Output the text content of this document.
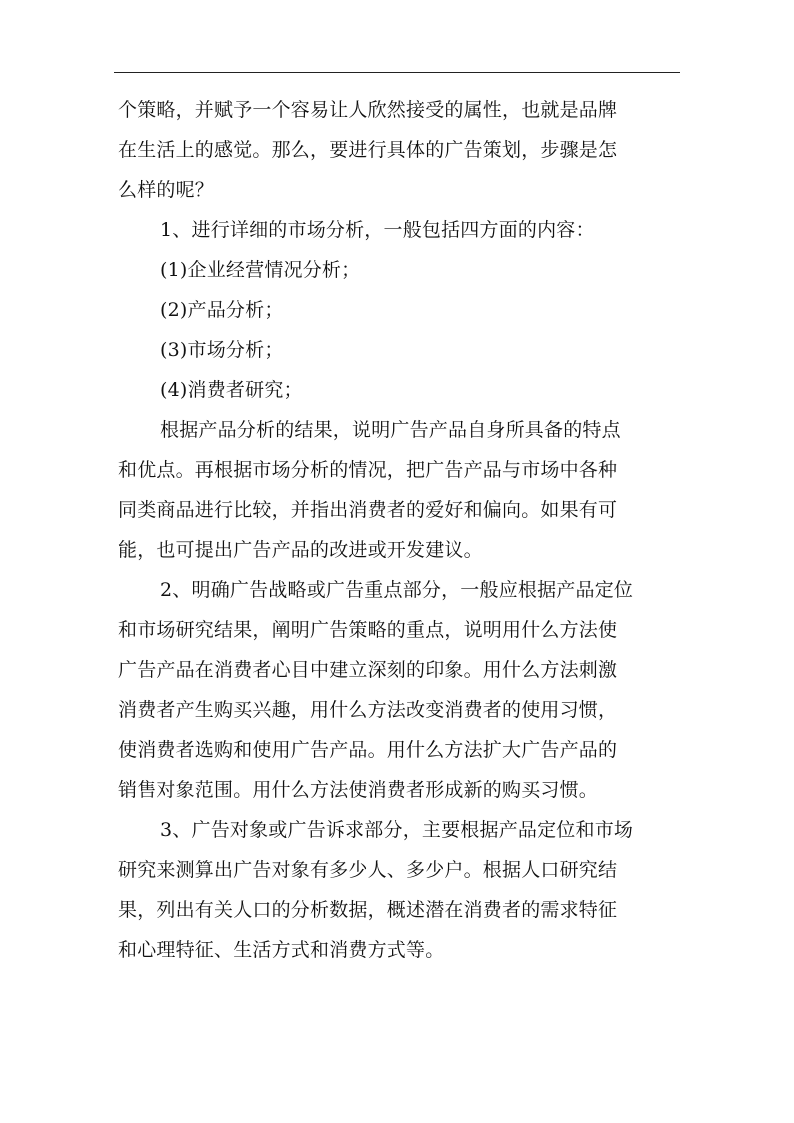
个策略，并赋予一个容易让人欣然接受的属性，也就是品牌
在生活上的感觉。那么，要进行具体的广告策划，步骤是怎
么样的呢？
1、进行详细的市场分析，一般包括四方面的内容：
(1)企业经营情况分析；
(2)产品分析；
(3)市场分析；
(4)消费者研究；
根据产品分析的结果，说明广告产品自身所具备的特点
和优点。再根据市场分析的情况，把广告产品与市场中各种
同类商品进行比较，并指出消费者的爱好和偏向。如果有可
能，也可提出广告产品的改进或开发建议。
2、明确广告战略或广告重点部分，一般应根据产品定位
和市场研究结果，阐明广告策略的重点，说明用什么方法使
广告产品在消费者心目中建立深刻的印象。用什么方法刺激
消费者产生购买兴趣，用什么方法改变消费者的使用习惯，
使消费者选购和使用广告产品。用什么方法扩大广告产品的
销售对象范围。用什么方法使消费者形成新的购买习惯。
3、广告对象或广告诉求部分，主要根据产品定位和市场
研究来测算出广告对象有多少人、多少户。根据人口研究结
果，列出有关人口的分析数据，概述潜在消费者的需求特征
和心理特征、生活方式和消费方式等。
